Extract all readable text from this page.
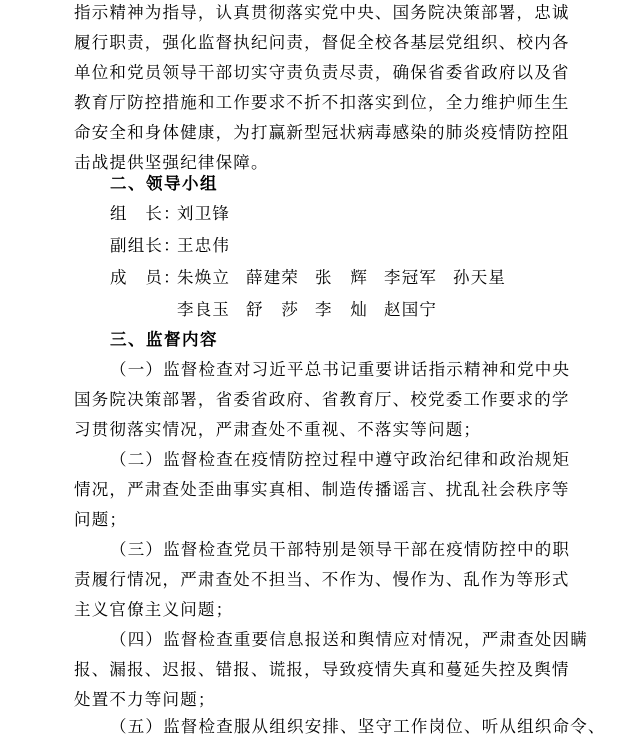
指示精神为指导，认真贯彻落实党中央、国务院决策部署，忠诚
履行职责，强化监督执纪问责，督促全校各基层党组织、校内各
单位和党员领导干部切实守责负责尽责，确保省委省政府以及省
教育厅防控措施和工作要求不折不扣落实到位，全力维护师生生
命安全和身体健康，为打赢新型冠状病毒感染的肺炎疫情防控阻
击战提供坚强纪律保障。
二、领导小组
组　长：
刘卫锋
副组长：
王忠伟
成　员：
朱焕立 薛建荣 张　辉 李冠军 孙天星
李良玉 舒　莎 李　灿 赵国宁
三、监督内容
（一）监督检查对习近平总书记重要讲话指示精神和党中央
国务院决策部署，省委省政府、省教育厅、校党委工作要求的学
习贯彻落实情况，严肃查处不重视、不落实等问题；
（二）监督检查在疫情防控过程中遵守政治纪律和政治规矩
情况，严肃查处歪曲事实真相、制造传播谣言、扰乱社会秩序等
问题；
（三）监督检查党员干部特别是领导干部在疫情防控中的职
责履行情况，严肃查处不担当、不作为、慢作为、乱作为等形式
主义官僚主义问题；
（四）监督检查重要信息报送和舆情应对情况，严肃查处因瞒
报、漏报、迟报、错报、谎报，导致疫情失真和蔓延失控及舆情
处置不力等问题；
（五）监督检查服从组织安排、坚守工作岗位、听从组织命令、
